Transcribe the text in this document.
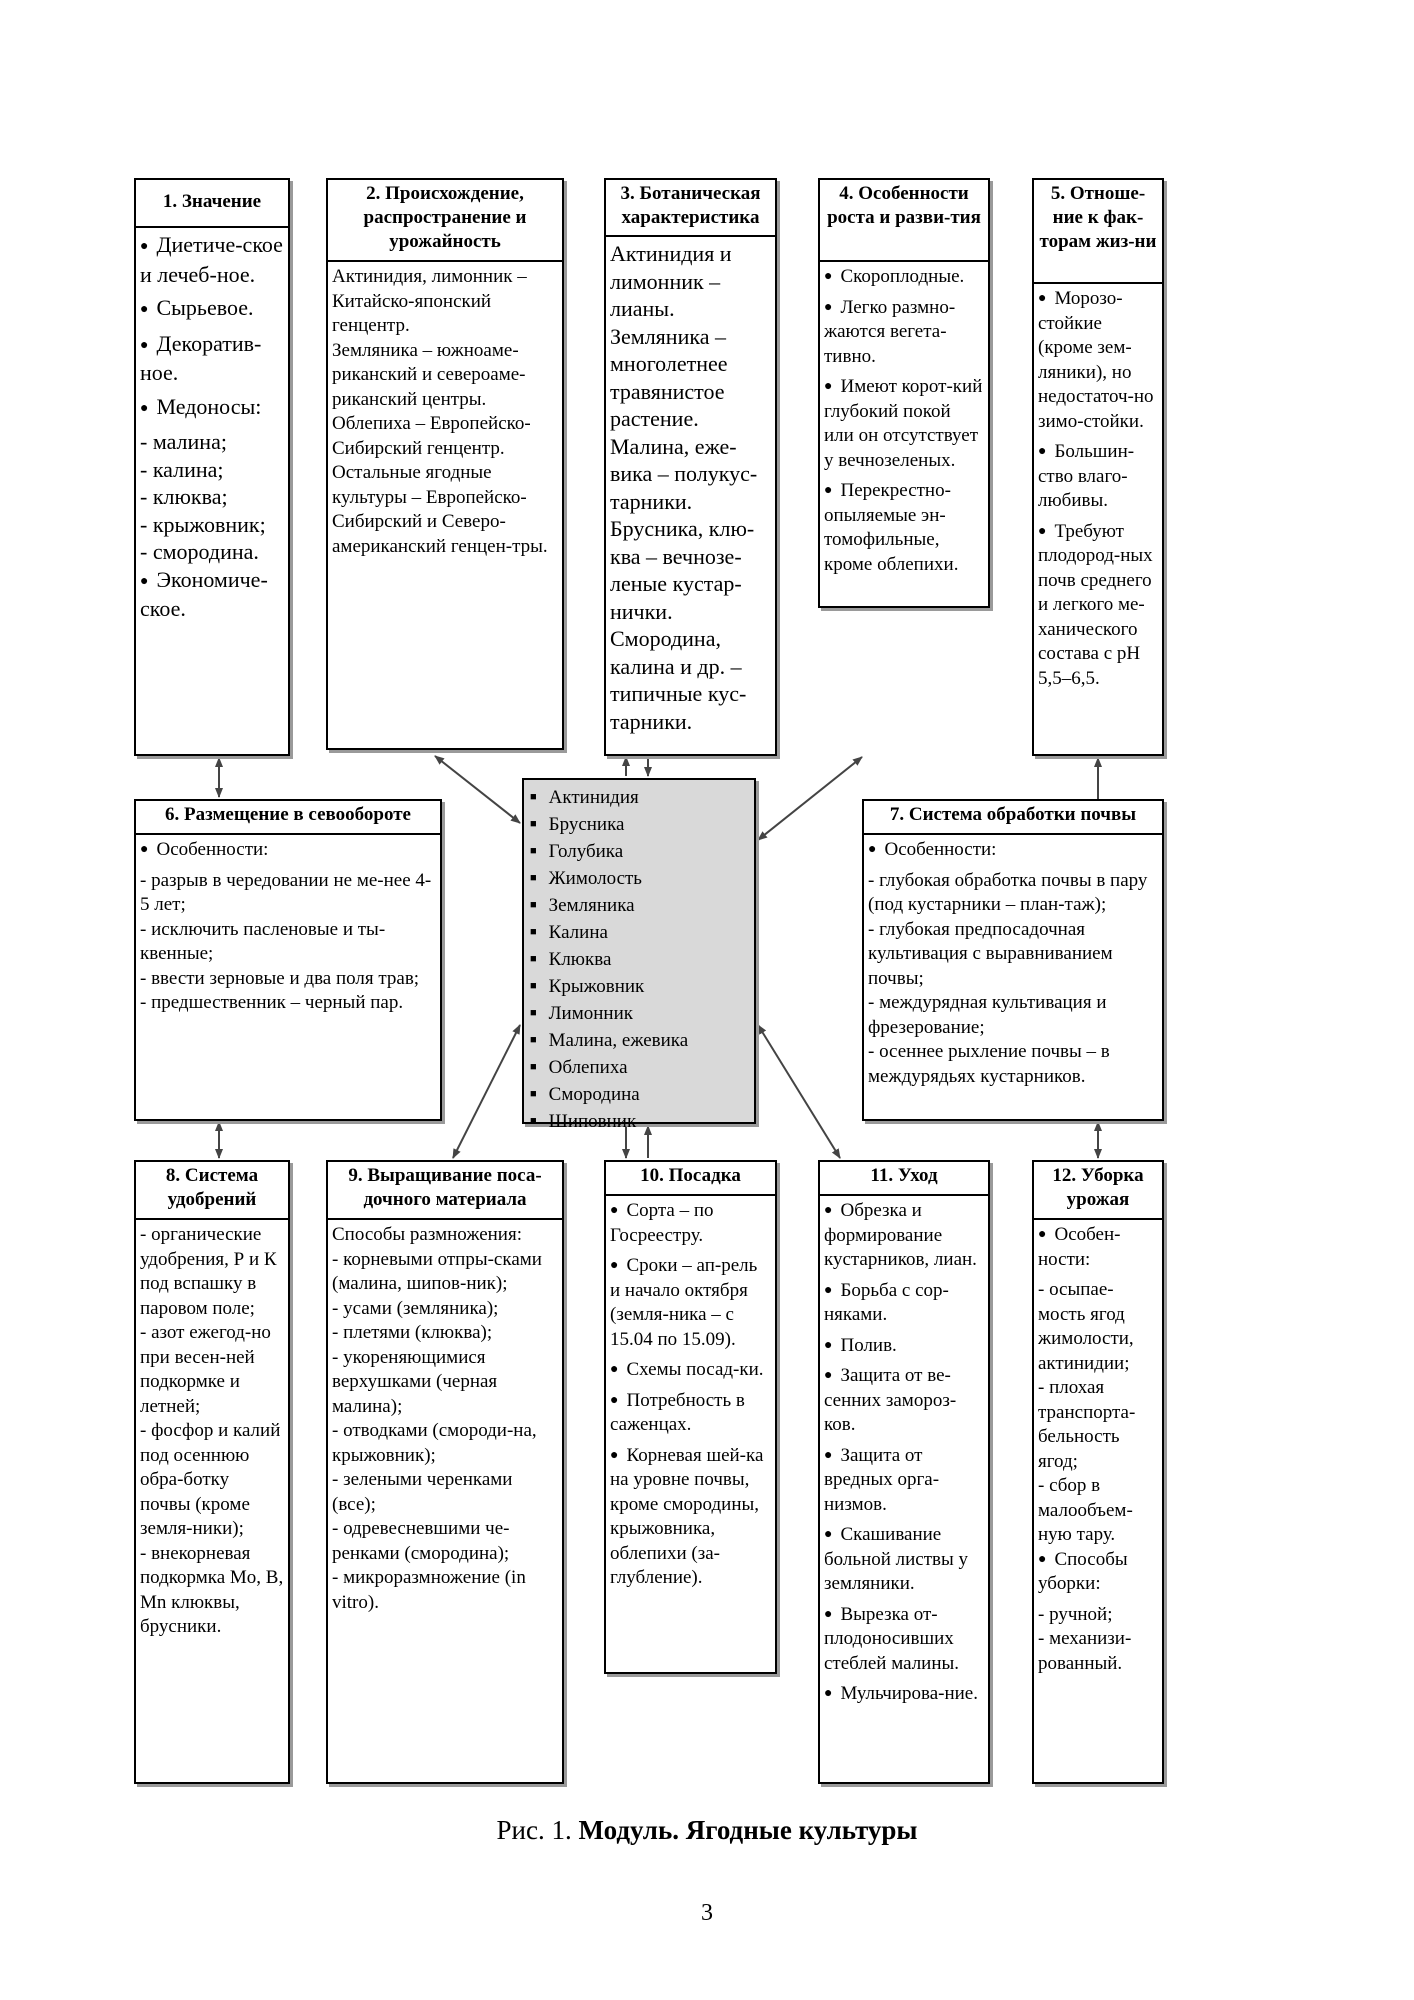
1. Значение
● Диетиче-ское и лечеб-ное.
● Сырьевое.
● Декоратив-ное.
● Медоносы:
- малина;
- калина;
- клюква;
- крыжовник;
- смородина.
● Экономиче-ское.
2. Происхождение, распространение и урожайность
Актинидия, лимонник – Китайско-японский генцентр.
Земляника – южноаме-риканский и североаме-риканский центры.
Облепиха – Европейско-Сибирский генцентр.
Остальные ягодные культуры – Европейско-Сибирский и Северо-американский генцен-тры.
3. Ботаническая характеристика
Актинидия и лимонник – лианы.
Земляника – многолетнее травянистое растение.
Малина, еже-вика – полукус-тарники.
Брусника, клю-ква – вечнозе-леные кустар-нички.
Смородина, калина и др. – типичные кус-тарники.
4. Особенности роста и разви-тия
● Скороплодные.
● Легко размно-жаются вегета-тивно.
● Имеют корот-кий глубокий покой или он отсутствует у вечнозеленых.
● Перекрестно-опыляемые эн-томофильные, кроме облепихи.
5. Отноше-ние к фак-торам жиз-ни
● Морозо-стойкие (кроме зем-ляники), но недостаточ-но зимо-стойки.
● Большин-ство влаго-любивы.
● Требуют плодород-ных почв среднего и легкого ме-ханического состава с pH 5,5–6,5.
6. Размещение в севообороте
● Особенности:
- разрыв в чередовании не ме-нее 4-5 лет;
- исключить пасленовые и ты-квенные;
- ввести зерновые и два поля трав;
- предшественник – черный пар.
■ Актинидия
■ Брусника
■ Голубика
■ Жимолость
■ Земляника
■ Калина
■ Клюква
■ Крыжовник
■ Лимонник
■ Малина, ежевика
■ Облепиха
■ Смородина
■ Шиповник
7. Система обработки почвы
● Особенности:
- глубокая обработка почвы в пару (под кустарники – план-таж);
- глубокая предпосадочная культивация с выравниванием почвы;
- междурядная культивация и фрезерование;
- осеннее рыхление почвы – в междурядьях кустарников.
8. Система удобрений
- органические удобрения, Р и К под вспашку в паровом поле;
- азот ежегод-но при весен-ней подкормке и летней;
- фосфор и калий под осеннюю обра-ботку почвы (кроме земля-ники);
- внекорневая подкормка Mo, B, Mn клюквы, брусники.
9. Выращивание поса-дочного материала
Способы размножения:
- корневыми отпры-сками (малина, шипов-ник);
- усами (земляника);
- плетями (клюква);
- укореняющимися верхушками (черная малина);
- отводками (смороди-на, крыжовник);
- зелеными черенками (все);
- одревесневшими че-ренками (смородина);
- микроразмножение (in vitro).
10. Посадка
● Сорта – по Госреестру.
● Сроки – ап-рель и начало октября (земля-ника – с 15.04 по 15.09).
● Схемы посад-ки.
● Потребность в саженцах.
● Корневая шей-ка на уровне почвы, кроме смородины, крыжовника, облепихи (за-глубление).
11. Уход
● Обрезка и формирование кустарников, лиан.
● Борьба с сор-няками.
● Полив.
● Защита от ве-сенних замороз-ков.
● Защита от вредных орга-низмов.
● Скашивание больной листвы у земляники.
● Вырезка от-плодоносивших стеблей малины.
● Мульчирова-ние.
12. Уборка урожая
● Особен-ности:
- осыпае-мость ягод жимолости, актинидии;
- плохая транспорта-бельность ягод;
- сбор в малообъем-ную тару.
● Способы уборки:
- ручной;
- механизи-рованный.
Рис. 1. Модуль. Ягодные культуры
3
